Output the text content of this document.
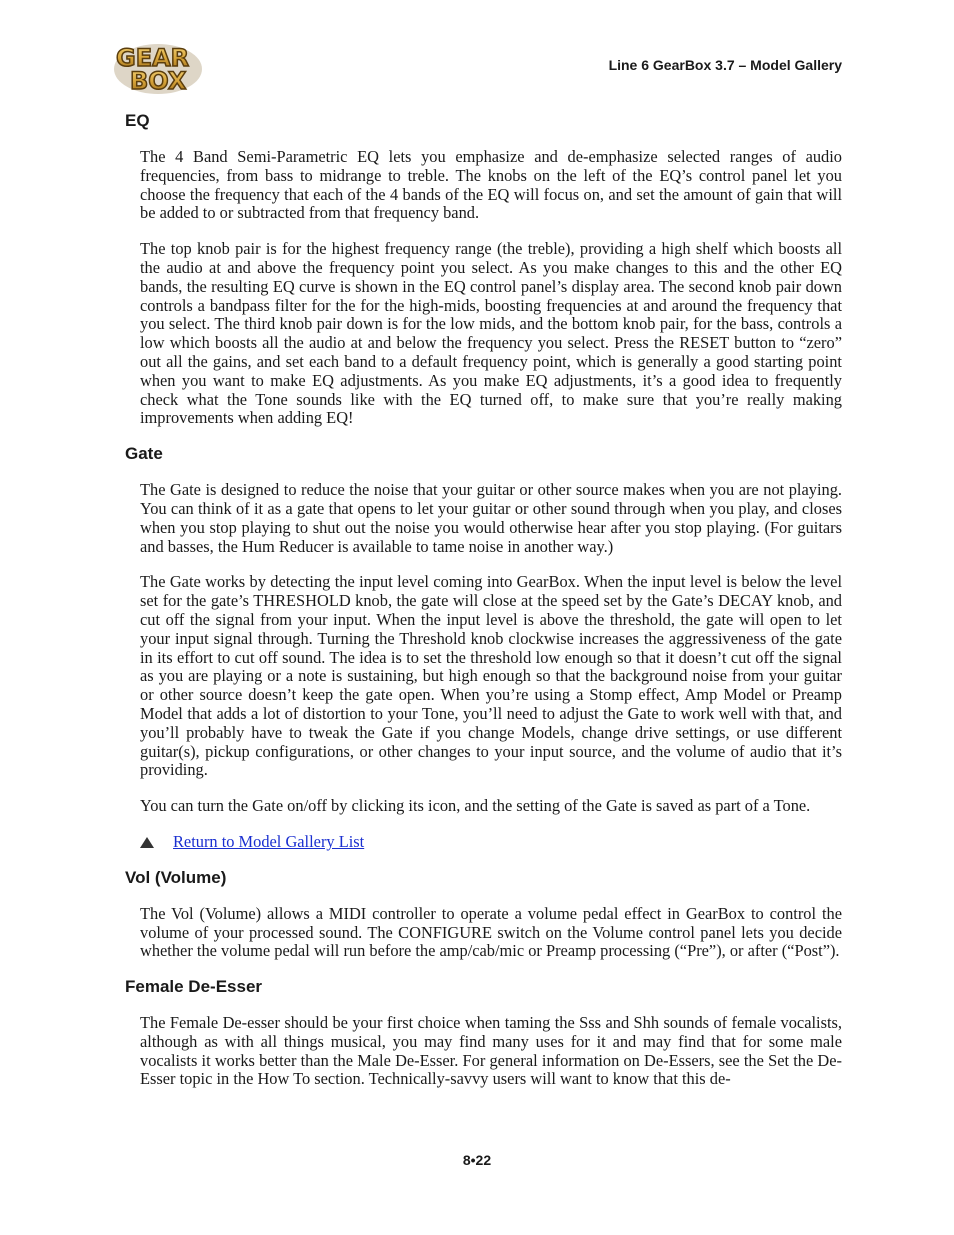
GEAR
BOX
Line 6 GearBox 3.7 – Model Gallery
EQ

The 4 Band Semi-Parametric EQ lets you emphasize and de-emphasize selected ranges of audio frequencies, from bass to midrange to treble. The knobs on the left of the EQ’s control panel let you choose the frequency that each of the 4 bands of the EQ will focus on, and set the amount of gain that will be added to or subtracted from that frequency band.

The top knob pair is for the highest frequency range (the treble), providing a high shelf which boosts all the audio at and above the frequency point you select. As you make changes to this and the other EQ bands, the resulting EQ curve is shown in the EQ control panel’s display area. The second knob pair down controls a bandpass filter for the for the high-mids, boosting frequencies at and around the frequency that you select. The third knob pair down is for the low mids, and the bottom knob pair, for the bass, controls a low which boosts all the audio at and below the frequency you select. Press the RESET button to “zero” out all the gains, and set each band to a default frequency point, which is generally a good starting point when you want to make EQ adjustments. As you make EQ adjustments, it’s a good idea to frequently check what the Tone sounds like with the EQ turned off, to make sure that you’re really making improvements when adding EQ!

Gate

The Gate is designed to reduce the noise that your guitar or other source makes when you are not playing. You can think of it as a gate that opens to let your guitar or other sound through when you play, and closes when you stop playing to shut out the noise you would otherwise hear after you stop playing. (For guitars and basses, the Hum Reducer is available to tame noise in another way.)

The Gate works by detecting the input level coming into GearBox. When the input level is below the level set for the gate’s THRESHOLD knob, the gate will close at the speed set by the Gate’s DECAY knob, and cut off the signal from your input. When the input level is above the threshold, the gate will open to let your input signal through. Turning the Threshold knob clockwise increases the aggressiveness of the gate in its effort to cut off sound. The idea is to set the threshold low enough so that it doesn’t cut off the signal as you are playing or a note is sustaining, but high enough so that the background noise from your guitar or other source doesn’t keep the gate open. When you’re using a Stomp effect, Amp Model or Preamp Model that adds a lot of distortion to your Tone, you’ll need to adjust the Gate to work well with that, and you’ll probably have to tweak the Gate if you change Models, change drive settings, or use different guitar(s), pickup configurations, or other changes to your input source, and the volume of audio that it’s providing.

You can turn the Gate on/off by clicking its icon, and the setting of the Gate is saved as part of a Tone.

Return to Model Gallery List
Vol (Volume)

The Vol (Volume) allows a MIDI controller to operate a volume pedal effect in GearBox to control the volume of your processed sound. The CONFIGURE switch on the Volume control panel lets you decide whether the volume pedal will run before the amp/cab/mic or Preamp processing (“Pre”), or after (“Post”).

Female De-Esser

The Female De-esser should be your first choice when taming the Sss and Shh sounds of female vocalists, although as with all things musical, you may find many uses for it and may find that for some male vocalists it works better than the Male De-Esser. For general information on De-Essers, see the Set the De-Esser topic in the How To section. Technically-savvy users will want to know that this de-

8•22
